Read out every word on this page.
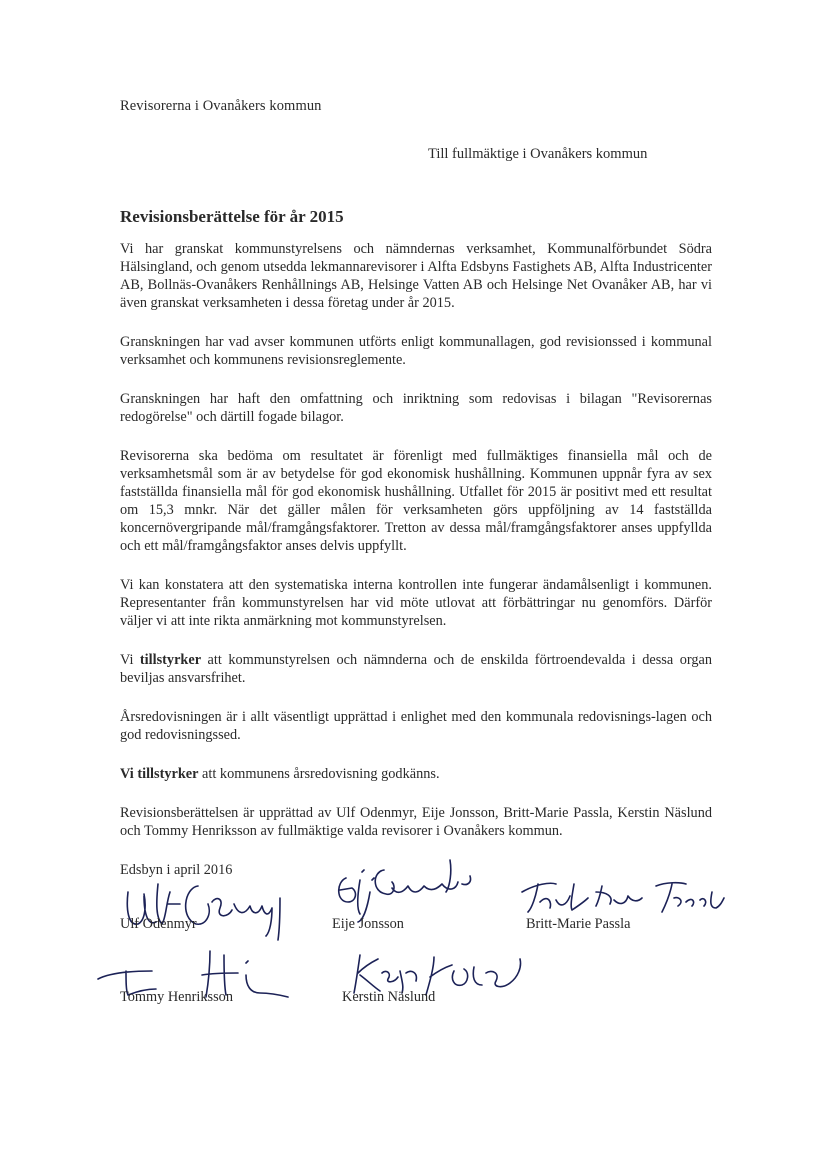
Revisorerna i Ovanåkers kommun
Till fullmäktige i Ovanåkers kommun
Revisionsberättelse för år 2015

Vi har granskat kommunstyrelsens och nämndernas verksamhet, Kommunalförbundet Södra Hälsingland, och genom utsedda lekmannarevisorer i Alfta Edsbyns Fastighets AB, Alfta Industricenter AB, Bollnäs-Ovanåkers Renhållnings AB, Helsinge Vatten AB och Helsinge Net Ovanåker AB, har vi även granskat verksamheten i dessa företag under år 2015.

Granskningen har vad avser kommunen utförts enligt kommunallagen, god revisionssed i kommunal verksamhet och kommunens revisionsreglemente.

Granskningen har haft den omfattning och inriktning som redovisas i bilagan "Revisorernas redogörelse" och därtill fogade bilagor.

Revisorerna ska bedöma om resultatet är förenligt med fullmäktiges finansiella mål och de verksamhetsmål som är av betydelse för god ekonomisk hushållning. Kommunen uppnår fyra av sex fastställda finansiella mål för god ekonomisk hushållning. Utfallet för 2015 är positivt med ett resultat om 15,3 mnkr. När det gäller målen för verksamheten görs uppföljning av 14 fastställda koncernövergripande mål/framgångsfaktorer. Tretton av dessa mål/framgångsfaktorer anses uppfyllda och ett mål/framgångsfaktor anses delvis uppfyllt.

Vi kan konstatera att den systematiska interna kontrollen inte fungerar ändamålsenligt i kommunen. Representanter från kommunstyrelsen har vid möte utlovat att förbättringar nu genomförs. Därför väljer vi att inte rikta anmärkning mot kommunstyrelsen.

Vi tillstyrker att kommunstyrelsen och nämnderna och de enskilda förtroendevalda i dessa organ beviljas ansvarsfrihet.

Årsredovisningen är i allt väsentligt upprättad i enlighet med den kommunala redovisnings-lagen och god redovisningssed.

Vi tillstyrker att kommunens årsredovisning godkänns.

Revisionsberättelsen är upprättad av Ulf Odenmyr, Eije Jonsson, Britt-Marie Passla, Kerstin Näslund och Tommy Henriksson av fullmäktige valda revisorer i Ovanåkers kommun.

Edsbyn i april 2016

Ulf Odenmyr	Eije Jonsson	Britt-Marie Passla
Tommy Henriksson	Kerstin Näslund
